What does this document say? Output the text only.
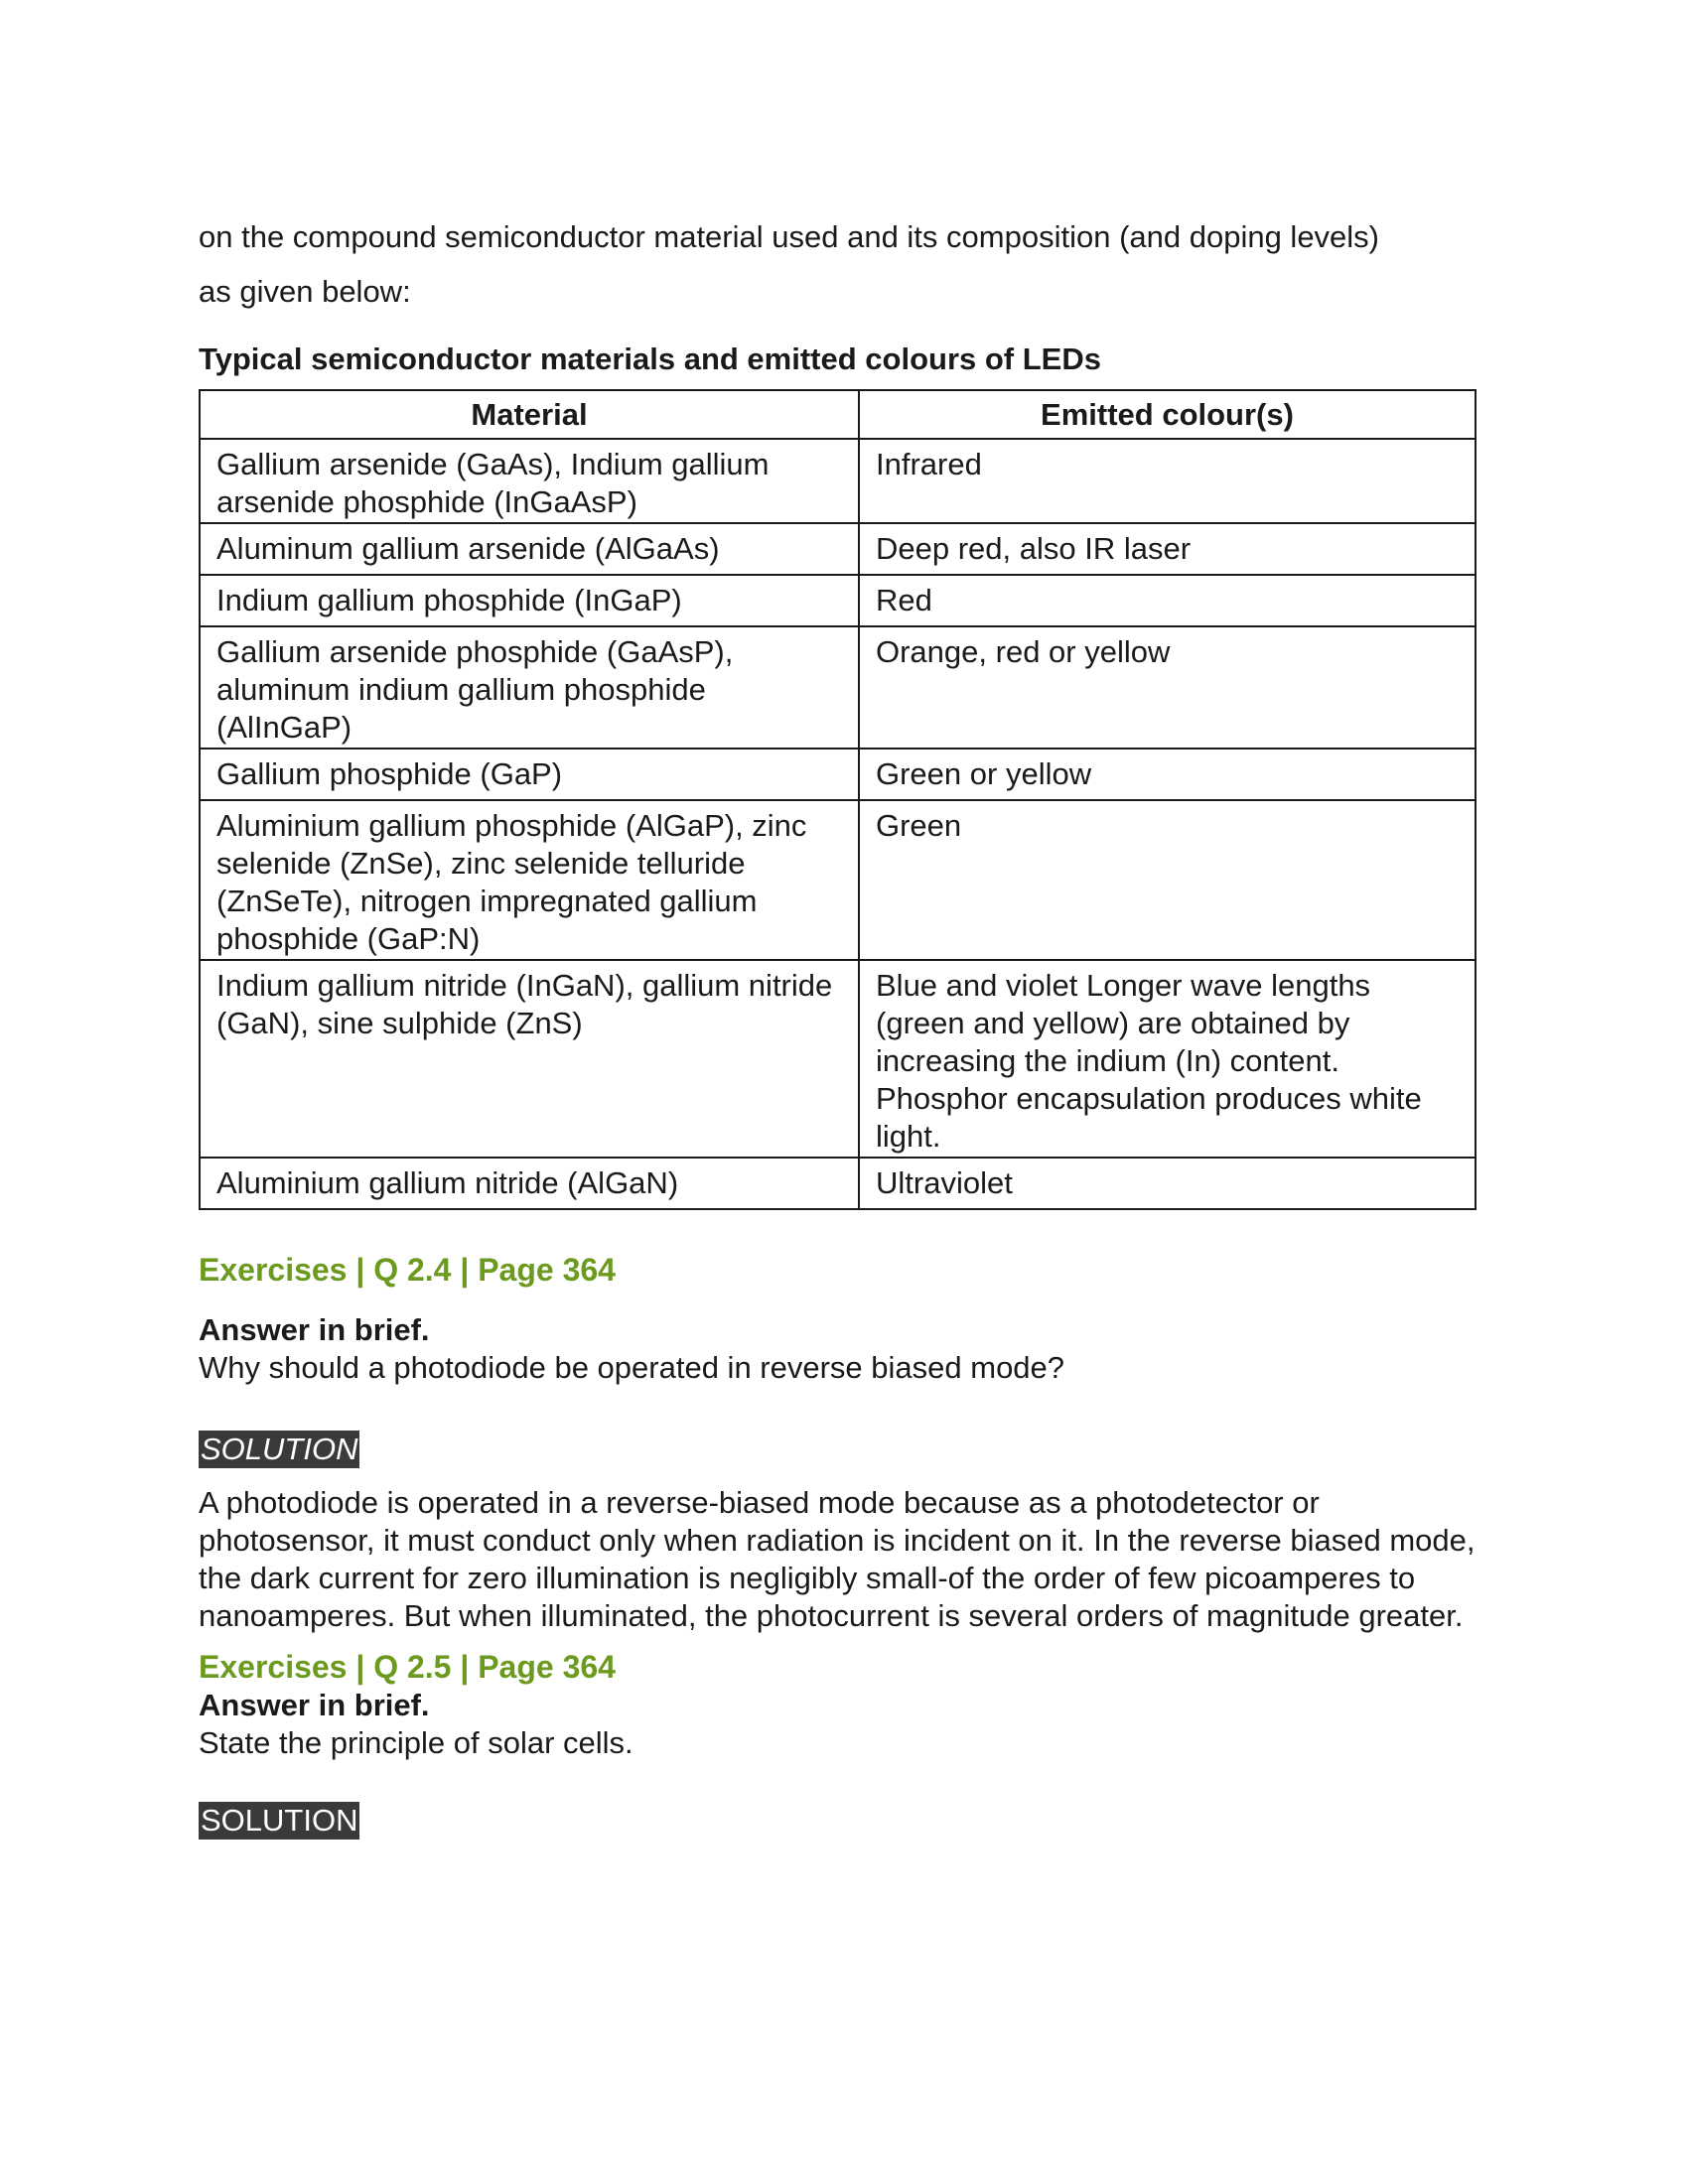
on the compound semiconductor material used and its composition (and doping levels)

as given below:

Typical semiconductor materials and emitted colours of LEDs

Material	Emitted colour(s)
Gallium arsenide (GaAs), Indium gallium arsenide phosphide (InGaAsP)	Infrared
Aluminum gallium arsenide (AlGaAs)	Deep red, also IR laser
Indium gallium phosphide (InGaP)	Red
Gallium arsenide phosphide (GaAsP), aluminum indium gallium phosphide (AlInGaP)	Orange, red or yellow
Gallium phosphide (GaP)	Green or yellow
Aluminium gallium phosphide (AlGaP), zinc selenide (ZnSe), zinc selenide telluride (ZnSeTe), nitrogen impregnated gallium phosphide (GaP:N)	Green
Indium gallium nitride (InGaN), gallium nitride (GaN), sine sulphide (ZnS)	Blue and violet Longer wave lengths (green and yellow) are obtained by increasing the indium (In) content. Phosphor encapsulation produces white light.
Aluminium gallium nitride (AlGaN)	Ultraviolet

Exercises | Q 2.4 | Page 364

Answer in brief.

Why should a photodiode be operated in reverse biased mode?

SOLUTION

A photodiode is operated in a reverse-biased mode because as a photodetector or photosensor, it must conduct only when radiation is incident on it. In the reverse biased mode, the dark current for zero illumination is negligibly small-of the order of few picoamperes to nanoamperes. But when illuminated, the photocurrent is several orders of magnitude greater.

Exercises | Q 2.5 | Page 364

Answer in brief.

State the principle of solar cells.

SOLUTION
